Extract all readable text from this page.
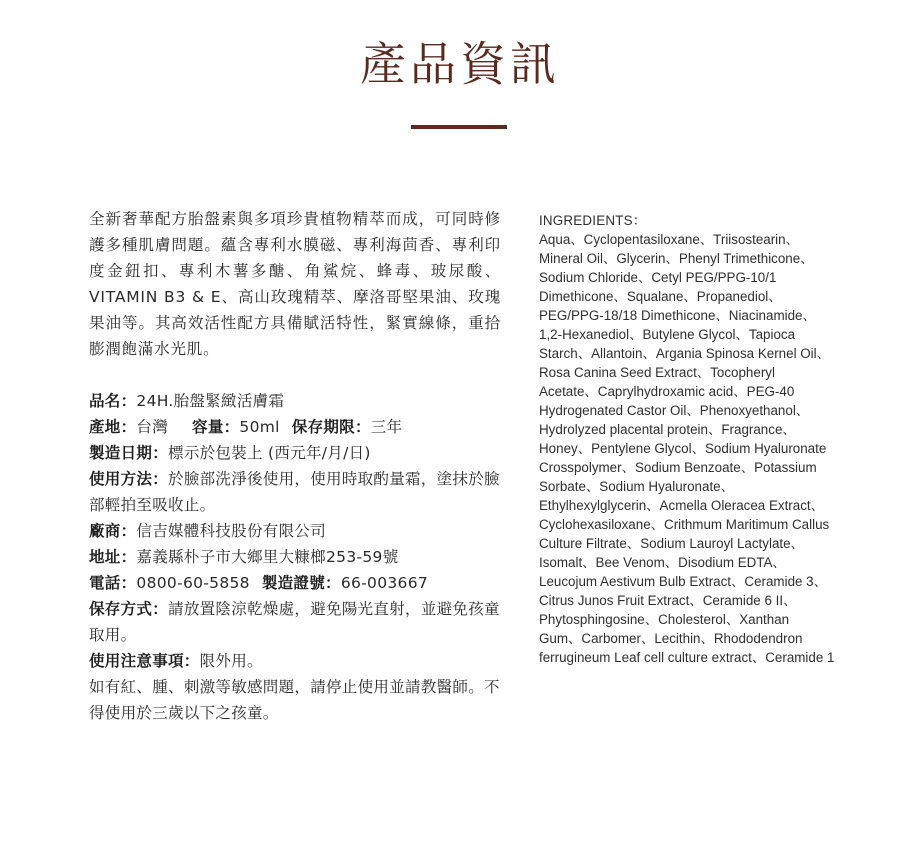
產品資訊

全新奢華配方胎盤素與多項珍貴植物精萃而成，可同時修護多種肌膚問題。蘊含專利水膜磁、專利海茴香、專利印度金鈕扣、專利木薯多醣、角鯊烷、蜂毒、玻尿酸、VITAMIN B3 & E、高山玫瑰精萃、摩洛哥堅果油、玫瑰果油等。其高效活性配方具備賦活特性，緊實線條，重拾膨潤飽滿水光肌。

品名：24H.胎盤緊緻活膚霜

產地：台灣 容量：50ml 保存期限：三年

製造日期：標示於包裝上 (西元年/月/日)

使用方法：於臉部洗淨後使用，使用時取酌量霜，塗抹於臉部輕拍至吸收止。

廠商：信吉媒體科技股份有限公司

地址：嘉義縣朴子市大鄉里大糠榔253-59號

電話：0800-60-5858 製造證號：66-003667

保存方式：請放置陰涼乾燥處，避免陽光直射，並避免孩童取用。

使用注意事項：限外用。

如有紅、腫、刺激等敏感問題，請停止使用並請教醫師。不得使用於三歲以下之孩童。

INGREDIENTS：

Aqua、Cyclopentasiloxane、Triisostearin、Mineral Oil、Glycerin、Phenyl Trimethicone、Sodium Chloride、Cetyl PEG/PPG-10/1 Dimethicone、Squalane、Propanediol、PEG/PPG-18/18 Dimethicone、Niacinamide、1,2-Hexanediol、Butylene Glycol、Tapioca Starch、Allantoin、Argania Spinosa Kernel Oil、Rosa Canina Seed Extract、Tocopheryl Acetate、Caprylhydroxamic acid、PEG-40 Hydrogenated Castor Oil、Phenoxyethanol、Hydrolyzed placental protein、Fragrance、Honey、Pentylene Glycol、Sodium Hyaluronate Crosspolymer、Sodium Benzoate、Potassium Sorbate、Sodium Hyaluronate、Ethylhexylglycerin、Acmella Oleracea Extract、Cyclohexasiloxane、Crithmum Maritimum Callus Culture Filtrate、Sodium Lauroyl Lactylate、Isomalt、Bee Venom、Disodium EDTA、Leucojum Aestivum Bulb Extract、Ceramide 3、Citrus Junos Fruit Extract、Ceramide 6 II、Phytosphingosine、Cholesterol、Xanthan Gum、Carbomer、Lecithin、Rhododendron ferrugineum Leaf cell culture extract、Ceramide 1
